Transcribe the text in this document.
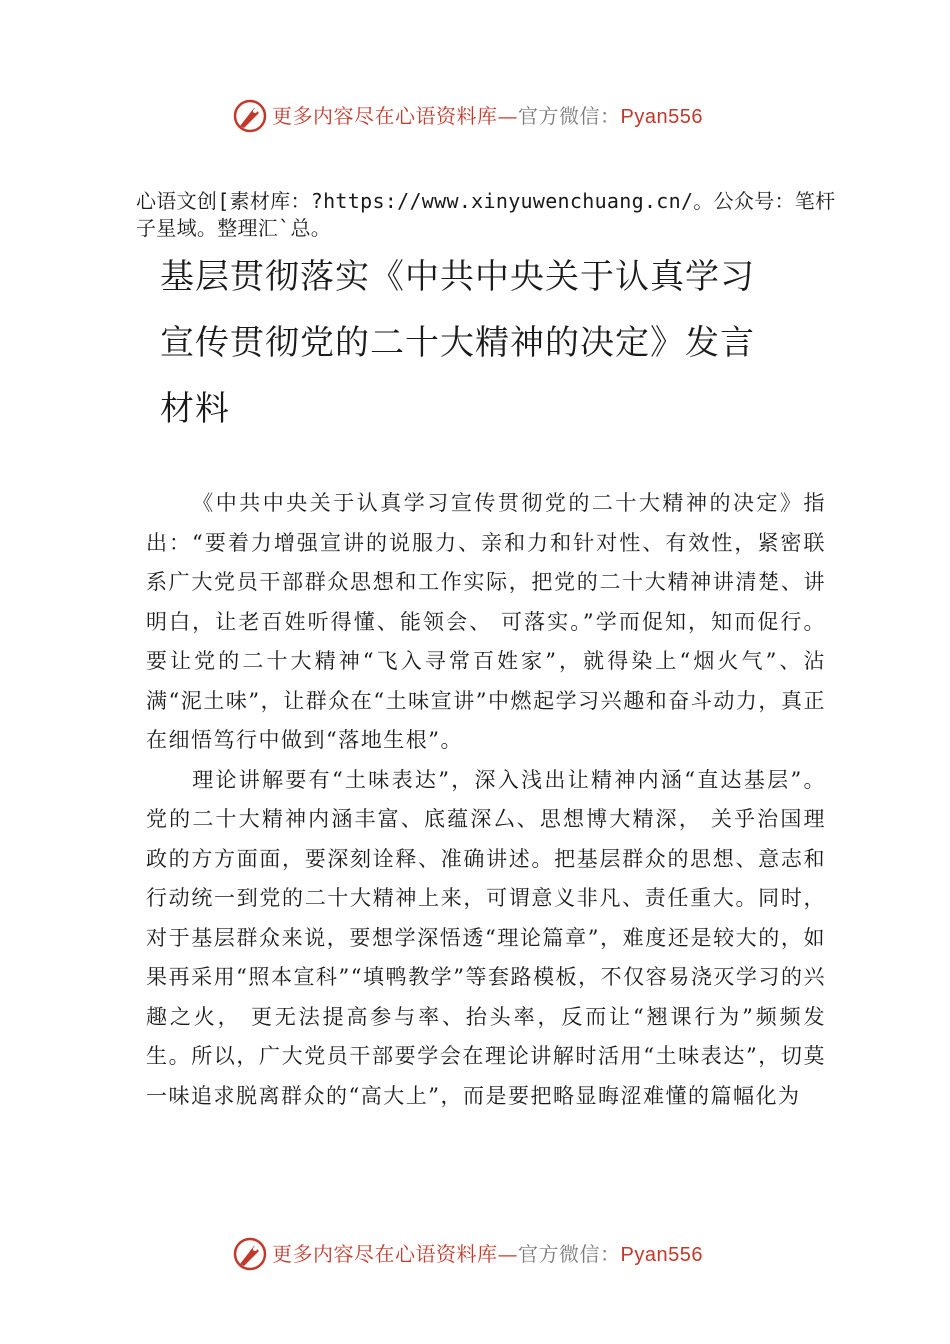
更多内容尽在心语资料库—官方微信：Pyan556
心语文创[素材库：?https://www.xinyuwenchuang.cn/。公众号：笔杆子星域。整理汇`总。
基层贯彻落实《中共中央关于认真学习宣传贯彻党的二十大精神的决定》发言材料

《中共中央关于认真学习宣传贯彻党的二十大精神的决定》指出：“要着力增强宣讲的说服力、亲和力和针对性、有效性，紧密联系广大党员干部群众思想和工作实际，把党的二十大精神讲清楚、讲明白，让老百姓听得懂、能领会、 可落实。”学而促知，知而促行。要让党的二十大精神“飞入寻常百姓家”，就得染上“烟火气”、沾满“泥土味”，让群众在“土味宣讲”中燃起学习兴趣和奋斗动力，真正在细悟笃行中做到“落地生根”。

理论讲解要有“土味表达”，深入浅出让精神内涵“直达基层”。党的二十大精神内涵丰富、底蕴深厶、思想博大精深， 关乎治国理政的方方面面，要深刻诠释、准确讲述。把基层群众的思想、意志和行动统一到党的二十大精神上来，可谓意义非凡、责任重大。同时，对于基层群众来说，要想学深悟透“理论篇章”，难度还是较大的，如果再采用“照本宣科”“填鸭教学”等套路模板，不仅容易浇灭学习的兴趣之火， 更无法提高参与率、抬头率，反而让“翘课行为”频频发生。所以，广大党员干部要学会在理论讲解时活用“土味表达”，切莫一味追求脱离群众的“高大上”，而是要把略显晦涩难懂的篇幅化为

更多内容尽在心语资料库—官方微信：Pyan556
